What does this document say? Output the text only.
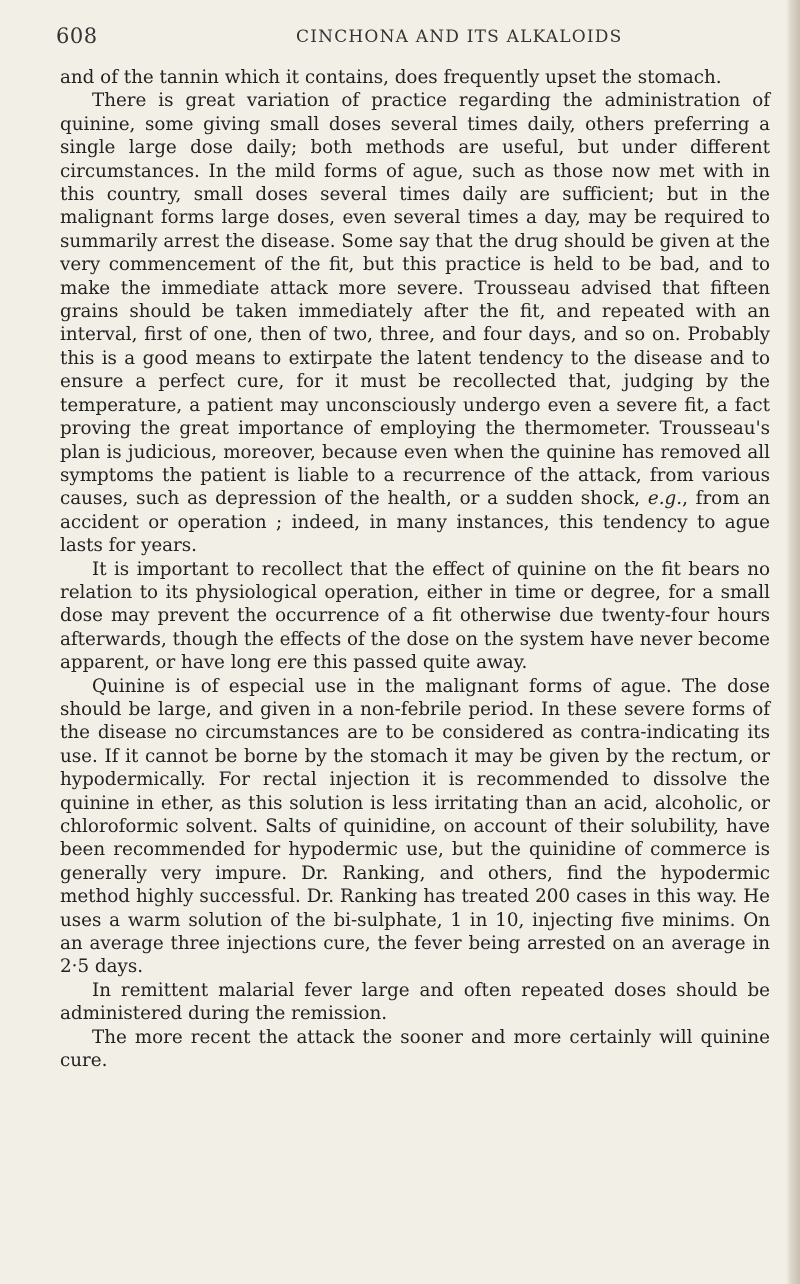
608	CINCHONA AND ITS ALKALOIDS

and of the tannin which it contains, does frequently upset the stomach.

There is great variation of practice regarding the administration of quinine, some giving small doses several times daily, others preferring a single large dose daily; both methods are useful, but under different circumstances. In the mild forms of ague, such as those now met with in this country, small doses several times daily are sufficient; but in the malignant forms large doses, even several times a day, may be required to summarily arrest the disease. Some say that the drug should be given at the very commencement of the fit, but this practice is held to be bad, and to make the immediate attack more severe. Trousseau advised that fifteen grains should be taken immediately after the fit, and repeated with an interval, first of one, then of two, three, and four days, and so on. Probably this is a good means to extirpate the latent tendency to the disease and to ensure a perfect cure, for it must be recollected that, judging by the temperature, a patient may unconsciously undergo even a severe fit, a fact proving the great importance of employing the thermometer. Trousseau's plan is judicious, moreover, because even when the quinine has removed all symptoms the patient is liable to a recurrence of the attack, from various causes, such as depression of the health, or a sudden shock, e.g., from an accident or operation ; indeed, in many instances, this tendency to ague lasts for years.

It is important to recollect that the effect of quinine on the fit bears no relation to its physiological operation, either in time or degree, for a small dose may prevent the occurrence of a fit otherwise due twenty-four hours afterwards, though the effects of the dose on the system have never become apparent, or have long ere this passed quite away.

Quinine is of especial use in the malignant forms of ague. The dose should be large, and given in a non-febrile period. In these severe forms of the disease no circumstances are to be considered as contra-indicating its use. If it cannot be borne by the stomach it may be given by the rectum, or hypodermically. For rectal injection it is recommended to dissolve the quinine in ether, as this solution is less irritating than an acid, alcoholic, or chloroformic solvent. Salts of quinidine, on account of their solubility, have been recommended for hypodermic use, but the quinidine of commerce is generally very impure. Dr. Ranking, and others, find the hypodermic method highly successful. Dr. Ranking has treated 200 cases in this way. He uses a warm solution of the bi-sulphate, 1 in 10, injecting five minims. On an average three injections cure, the fever being arrested on an average in 2·5 days.

In remittent malarial fever large and often repeated doses should be administered during the remission.

The more recent the attack the sooner and more certainly will quinine cure.
